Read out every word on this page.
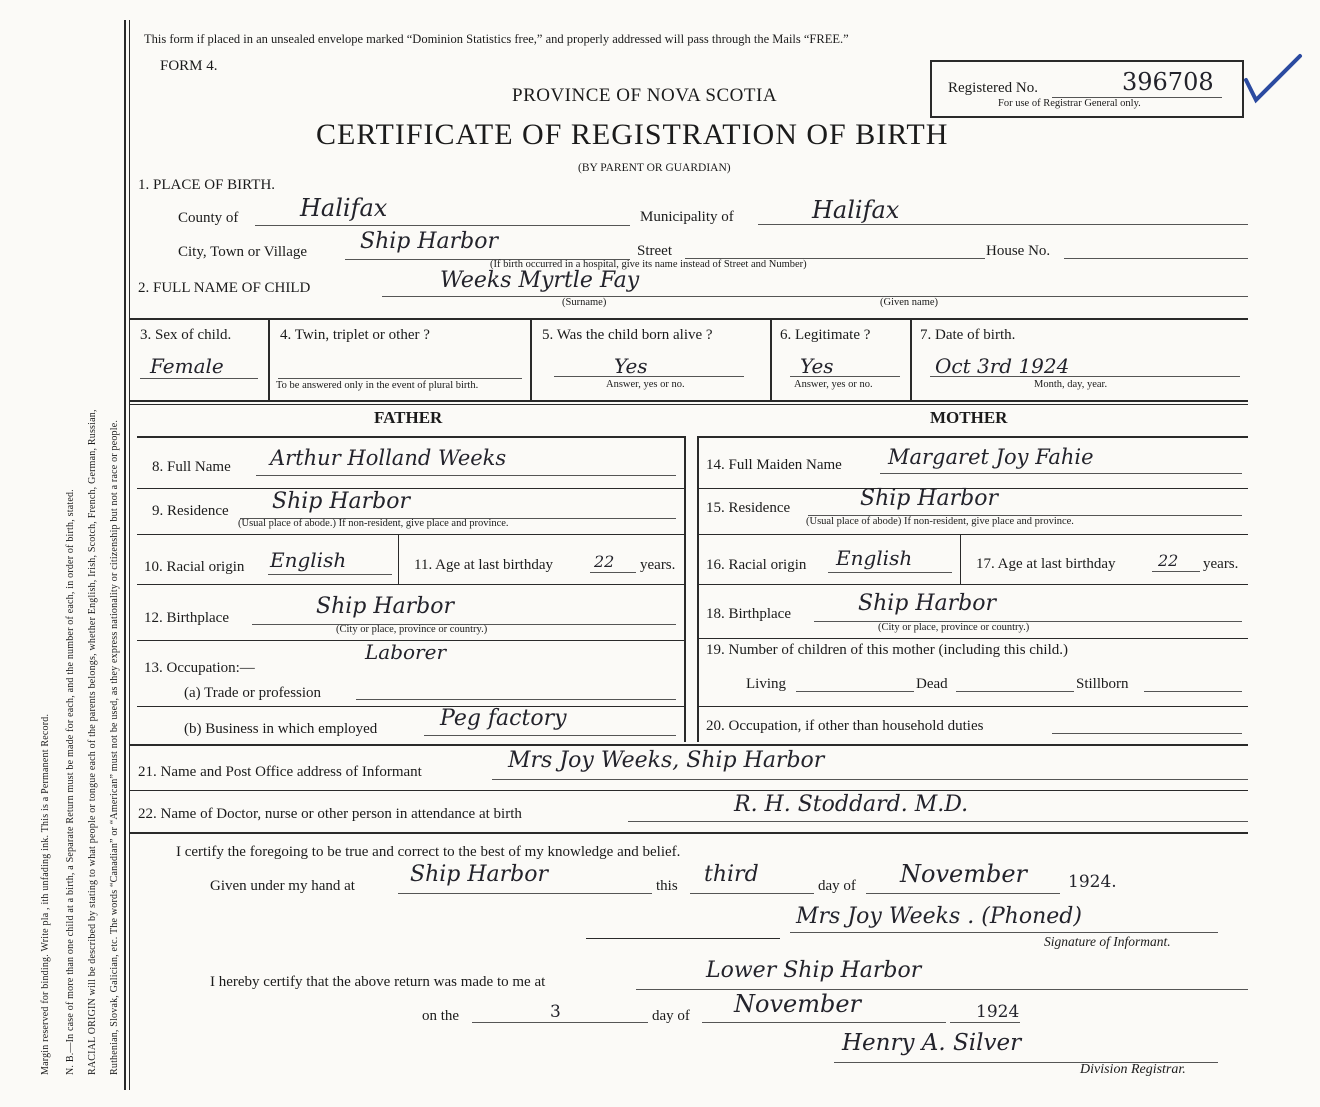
Margin reserved for binding. Write pla , ith unfading ink. This is a Permanent Record. N. B.—In case of more than one child at a birth, a Separate Return must be made for each, and the number of each, in order of birth, stated. RACIAL ORIGIN will be described by stating to what people or tongue each of the parents belongs, whether English, Irish, Scotch, French, German, Russian, Ruthenian, Slovak, Galician, etc. The words “Canadian” or “American” must not be used, as they express nationality or citizenship but not a race or people.
This form if placed in an unsealed envelope marked “Dominion Statistics free,” and properly addressed will pass through the Mails “FREE.”
FORM 4.
PROVINCE OF NOVA SCOTIA
CERTIFICATE OF REGISTRATION OF BIRTH
(BY PARENT OR GUARDIAN)
Registered No.	396708
For use of Registrar General only.
1. PLACE OF BIRTH.
County of	Halifax	Municipality of	Halifax
City, Town or Village Ship Harbor	Street	House No.
(If birth occurred in a hospital, give its name instead of Street and Number)
2. FULL NAME OF CHILD	Weeks Myrtle Fay
(Surname)	(Given name)
3. Sex of child.
Female
4. Twin, triplet or other ?
To be answered only in the event of plural birth.
5. Was the child born alive ?
Yes
Answer, yes or no.
6. Legitimate ?
Yes
Answer, yes or no.
7. Date of birth.
Oct 3rd 1924
Month, day, year.
FATHER	MOTHER
8. Full Name Arthur Holland Weeks
9. Residence Ship Harbor
(Usual place of abode.) If non-resident, give place and province.
10. Racial origin English	11. Age at last birthday	22 years.
12. Birthplace	Ship Harbor
(City or place, province or country.)
13. Occupation:—
Laborer
(a) Trade or profession
(b) Business in which employed	Peg factory
14. Full Maiden Name Margaret Joy Fahie
15. Residence	Ship Harbor
(Usual place of abode) If non-resident, give place and province.
16. Racial origin English	17. Age at last birthday	22 years.
18. Birthplace	Ship Harbor
(City or place, province or country.)
19. Number of children of this mother (including this child.)
Living	Dead	Stillborn
20. Occupation, if other than household duties
21. Name and Post Office address of Informant	Mrs Joy Weeks, Ship Harbor
22. Name of Doctor, nurse or other person in attendance at birth	R. H. Stoddard. M.D.
I certify the foregoing to be true and correct to the best of my knowledge and belief.
Given under my hand at	Ship Harbor	this third	day of November 1924.
Mrs Joy Weeks . (Phoned)
Signature of Informant.
I hereby certify that the above return was made to me at	Lower Ship Harbor
on the	3	day of November	1924
Henry A. Silver
Division Registrar.
